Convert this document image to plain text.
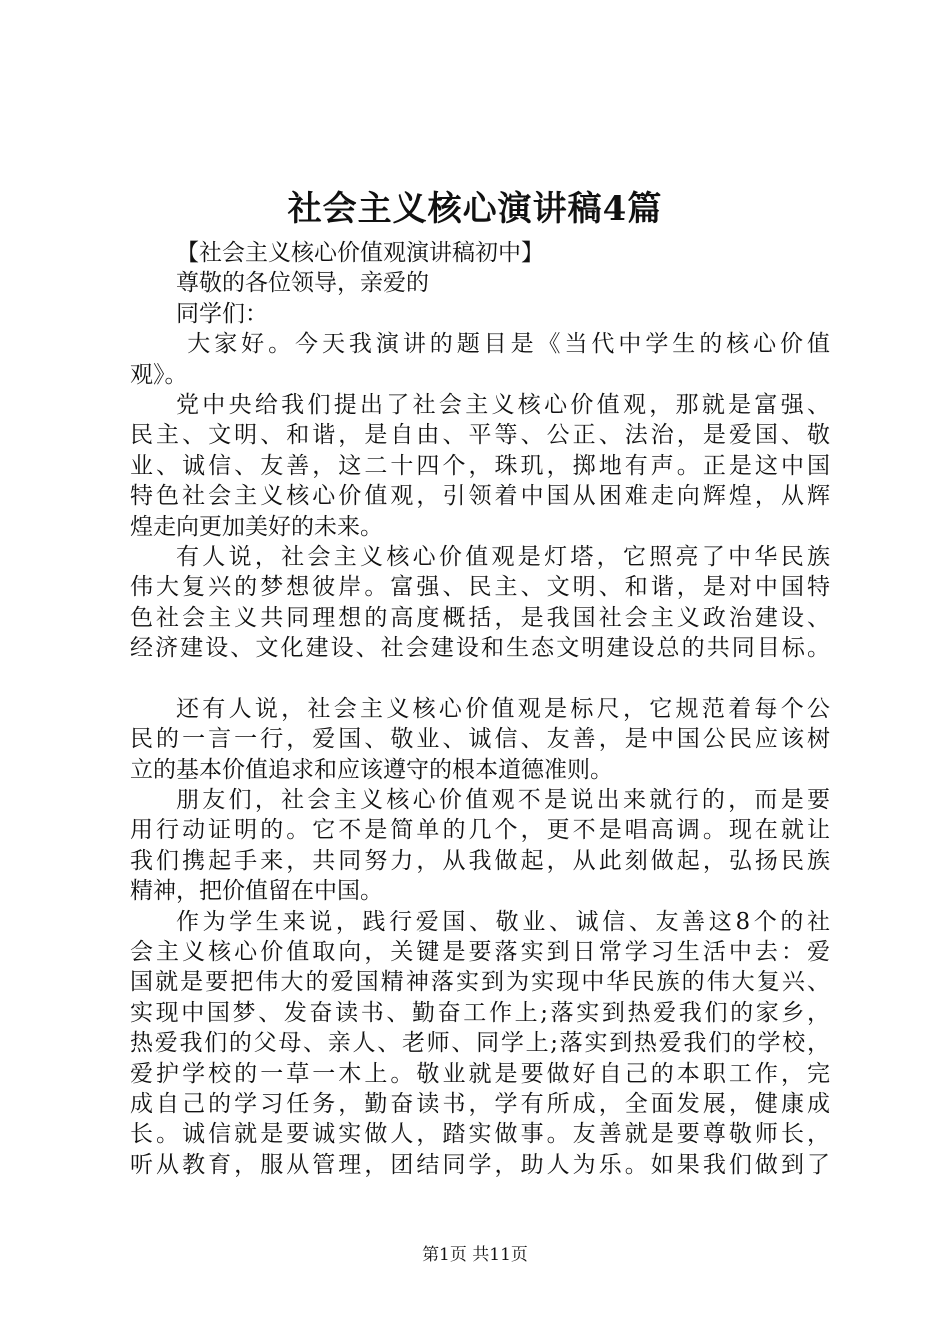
社会主义核心演讲稿4篇
【社会主义核心价值观演讲稿初中】
尊敬的各位领导，亲爱的
同学们：
大家好。今天我演讲的题目是《当代中学生的核心价值
观》。
党中央给我们提出了社会主义核心价值观，那就是富强、
民主、文明、和谐，是自由、平等、公正、法治，是爱国、敬
业、诚信、友善，这二十四个，珠玑，掷地有声。正是这中国
特色社会主义核心价值观，引领着中国从困难走向辉煌，从辉
煌走向更加美好的未来。
有人说，社会主义核心价值观是灯塔，它照亮了中华民族
伟大复兴的梦想彼岸。富强、民主、文明、和谐，是对中国特
色社会主义共同理想的高度概括，是我国社会主义政治建设、
经济建设、文化建设、社会建设和生态文明建设总的共同目标。
还有人说，社会主义核心价值观是标尺，它规范着每个公
民的一言一行，爱国、敬业、诚信、友善，是中国公民应该树
立的基本价值追求和应该遵守的根本道德准则。
朋友们，社会主义核心价值观不是说出来就行的，而是要
用行动证明的。它不是简单的几个，更不是唱高调。现在就让
我们携起手来，共同努力，从我做起，从此刻做起，弘扬民族
精神，把价值留在中国。
作为学生来说，践行爱国、敬业、诚信、友善这8个的社
会主义核心价值取向，关键是要落实到日常学习生活中去：爱
国就是要把伟大的爱国精神落实到为实现中华民族的伟大复兴、
实现中国梦、发奋读书、勤奋工作上;落实到热爱我们的家乡，
热爱我们的父母、亲人、老师、同学上;落实到热爱我们的学校，
爱护学校的一草一木上。敬业就是要做好自己的本职工作，完
成自己的学习任务，勤奋读书，学有所成，全面发展，健康成
长。诚信就是要诚实做人，踏实做事。友善就是要尊敬师长，
听从教育，服从管理，团结同学，助人为乐。如果我们做到了
第1页 共11页
